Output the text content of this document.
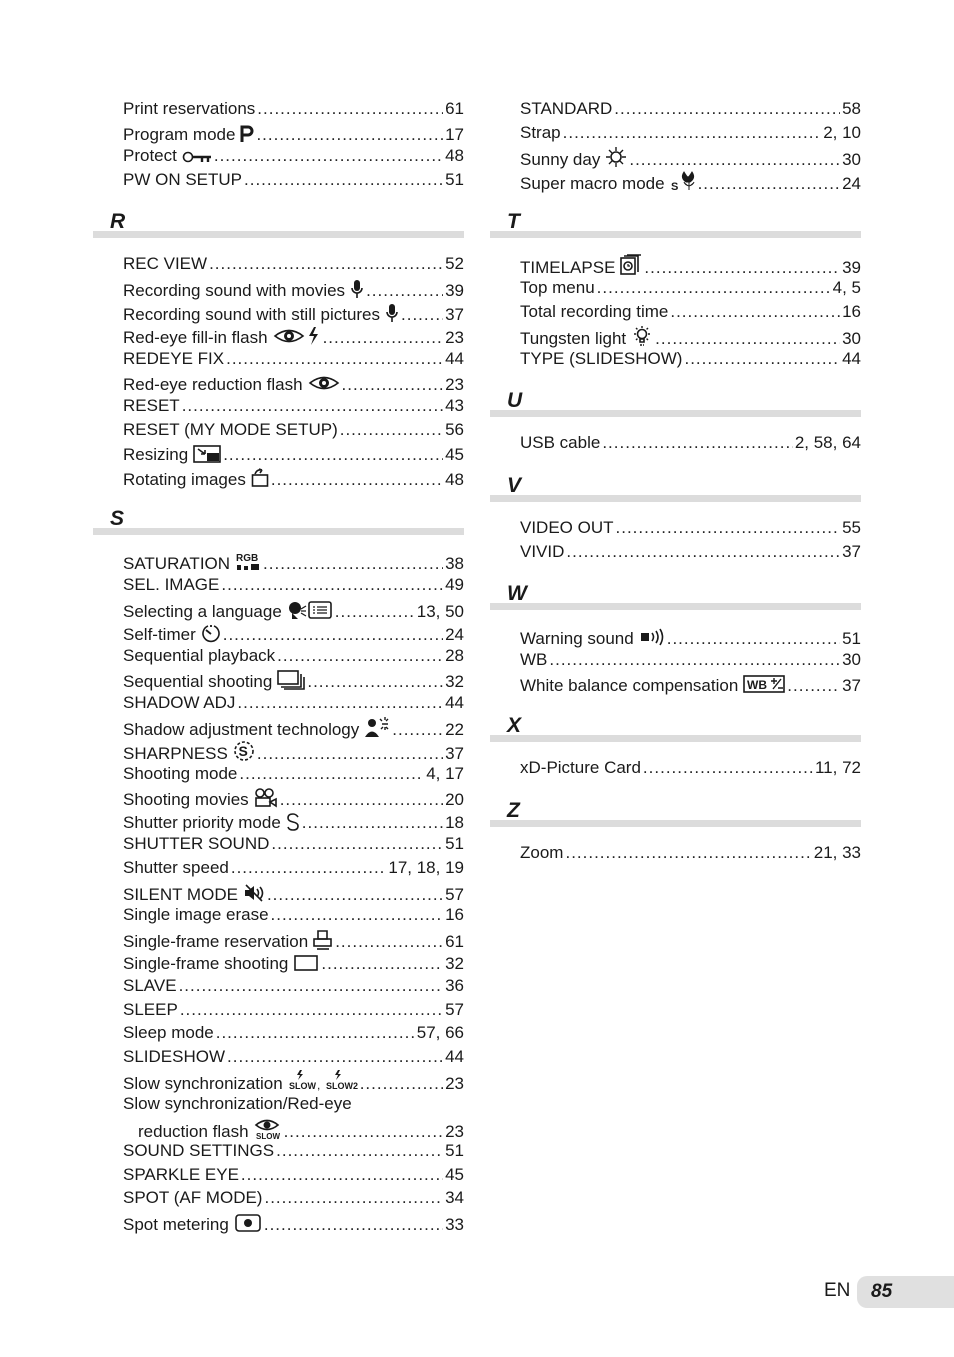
Print reservations .....	61
Program mode .....	17
Protect .....	48
PW ON SETUP .....	51
R
REC VIEW .....	52
Recording sound with movies .....	39
Recording sound with still pictures .....	37
Red-eye fill-in flash .....	23
REDEYE FIX .....	44
Red-eye reduction flash .....	23
RESET .....	43
RESET (MY MODE SETUP) .....	56
Resizing .....	45
Rotating images .....	48
S
SATURATION RGB .....	38
SEL. IMAGE .....	49
Selecting a language .....	13, 50
Self-timer .....	24
Sequential playback .....	28
Sequential shooting .....	32
SHADOW ADJ .....	44
Shadow adjustment technology .....	22
SHARPNESS S .....	37
Shooting mode .....	4, 17
Shooting movies .....	20
Shutter priority mode .....	18
SHUTTER SOUND .....	51
Shutter speed .....	17, 18, 19
SILENT MODE .....	57
Single image erase .....	16
Single-frame reservation .....	61
Single-frame shooting .....	32
SLAVE .....	36
SLEEP .....	57
Sleep mode .....	57, 66
SLIDESHOW .....	44
Slow synchronization SLOW , SLOW2 .....	23
Slow synchronization/Red-eye
reduction flash SLOW .....	23
SOUND SETTINGS .....	51
SPARKLE EYE .....	45
SPOT (AF MODE) .....	34
Spot metering .....	33
STANDARD .....	58
Strap .....	2, 10
Sunny day .....	30
Super macro mode S .....	24
T
TIMELAPSE .....	39
Top menu .....	4, 5
Total recording time .....	16
Tungsten light .....	30
TYPE (SLIDESHOW) .....	44
U
USB cable .....	2, 58, 64
V
VIDEO OUT .....	55
VIVID .....	37
W
Warning sound .....	51
WB .....	30
White balance compensation WB .....	37
X
xD-Picture Card .....	11, 72
Z
Zoom .....	21, 33
EN 85
